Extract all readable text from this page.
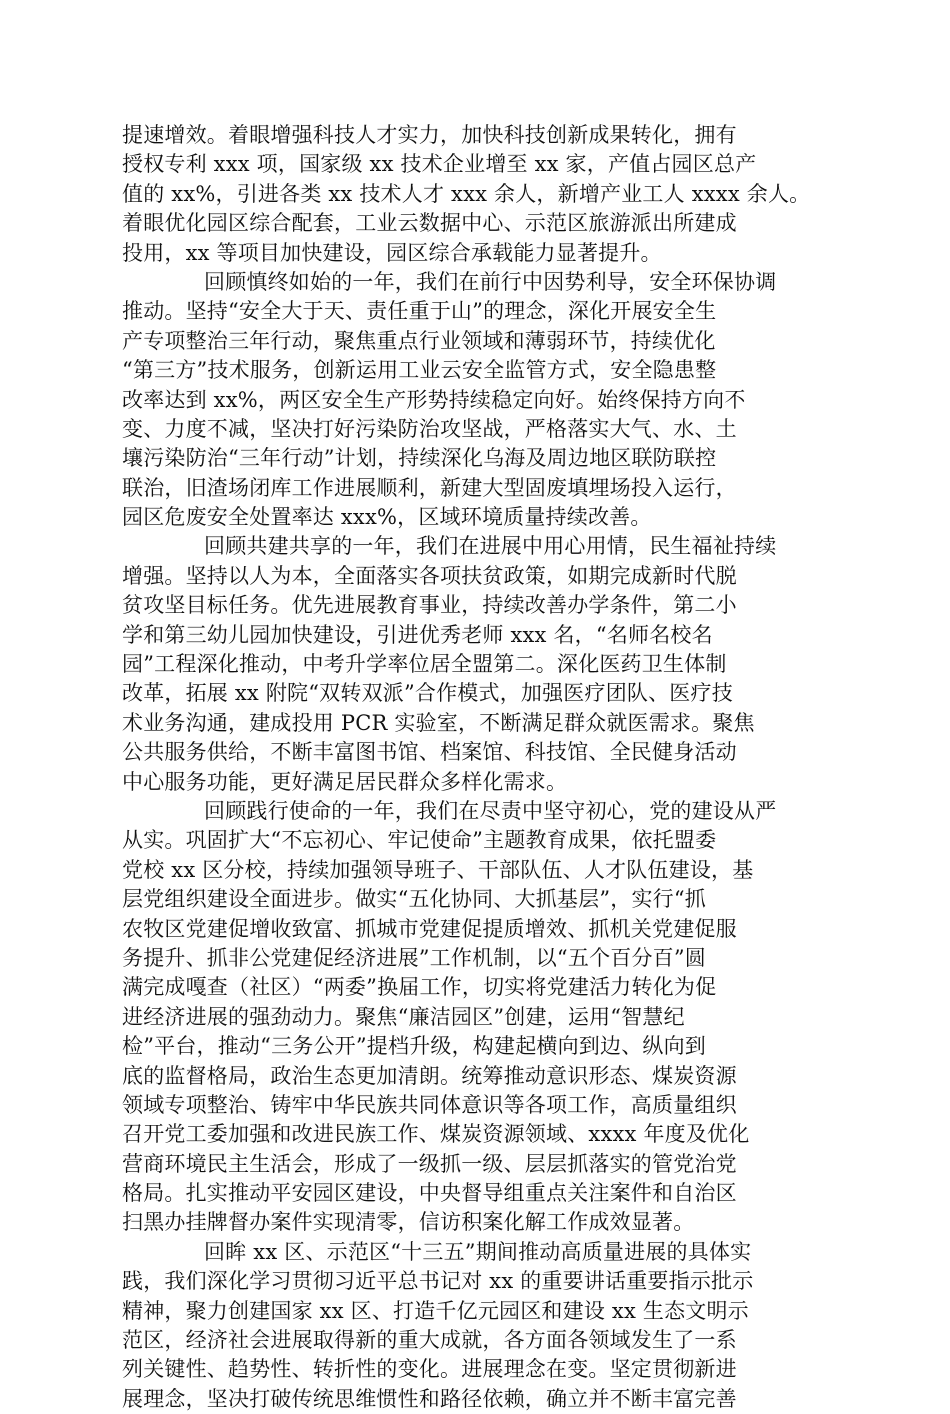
提速增效。着眼增强科技人才实力，加快科技创新成果转化，拥有
授权专利 xxx 项，国家级 xx 技术企业增至 xx 家，产值占园区总产
值的 xx%，引进各类 xx 技术人才 xxx 余人，新增产业工人 xxxx 余人。
着眼优化园区综合配套，工业云数据中心、示范区旅游派出所建成
投用，xx 等项目加快建设，园区综合承载能力显著提升。
回顾慎终如始的一年，我们在前行中因势利导，安全环保协调
推动。坚持“安全大于天、责任重于山”的理念，深化开展安全生
产专项整治三年行动，聚焦重点行业领域和薄弱环节，持续优化
“第三方”技术服务，创新运用工业云安全监管方式，安全隐患整
改率达到 xx%，两区安全生产形势持续稳定向好。始终保持方向不
变、力度不减，坚决打好污染防治攻坚战，严格落实大气、水、土
壤污染防治“三年行动”计划，持续深化乌海及周边地区联防联控
联治，旧渣场闭库工作进展顺利，新建大型固废填埋场投入运行，
园区危废安全处置率达 xxx%，区域环境质量持续改善。
回顾共建共享的一年，我们在进展中用心用情，民生福祉持续
增强。坚持以人为本，全面落实各项扶贫政策，如期完成新时代脱
贫攻坚目标任务。优先进展教育事业，持续改善办学条件，第二小
学和第三幼儿园加快建设，引进优秀老师 xxx 名，“名师名校名
园”工程深化推动，中考升学率位居全盟第二。深化医药卫生体制
改革，拓展 xx 附院“双转双派”合作模式，加强医疗团队、医疗技
术业务沟通，建成投用 PCR 实验室，不断满足群众就医需求。聚焦
公共服务供给，不断丰富图书馆、档案馆、科技馆、全民健身活动
中心服务功能，更好满足居民群众多样化需求。
回顾践行使命的一年，我们在尽责中坚守初心，党的建设从严
从实。巩固扩大“不忘初心、牢记使命”主题教育成果，依托盟委
党校 xx 区分校，持续加强领导班子、干部队伍、人才队伍建设，基
层党组织建设全面进步。做实“五化协同、大抓基层”，实行“抓
农牧区党建促增收致富、抓城市党建促提质增效、抓机关党建促服
务提升、抓非公党建促经济进展”工作机制，以“五个百分百”圆
满完成嘎查（社区）“两委”换届工作，切实将党建活力转化为促
进经济进展的强劲动力。聚焦“廉洁园区”创建，运用“智慧纪
检”平台，推动“三务公开”提档升级，构建起横向到边、纵向到
底的监督格局，政治生态更加清朗。统筹推动意识形态、煤炭资源
领域专项整治、铸牢中华民族共同体意识等各项工作，高质量组织
召开党工委加强和改进民族工作、煤炭资源领域、xxxx 年度及优化
营商环境民主生活会，形成了一级抓一级、层层抓落实的管党治党
格局。扎实推动平安园区建设，中央督导组重点关注案件和自治区
扫黑办挂牌督办案件实现清零，信访积案化解工作成效显著。
回眸 xx 区、示范区“十三五”期间推动高质量进展的具体实
践，我们深化学习贯彻习近平总书记对 xx 的重要讲话重要指示批示
精神，聚力创建国家 xx 区、打造千亿元园区和建设 xx 生态文明示
范区，经济社会进展取得新的重大成就，各方面各领域发生了一系
列关键性、趋势性、转折性的变化。进展理念在变。坚定贯彻新进
展理念，坚决打破传统思维惯性和路径依赖，确立并不断丰富完善
